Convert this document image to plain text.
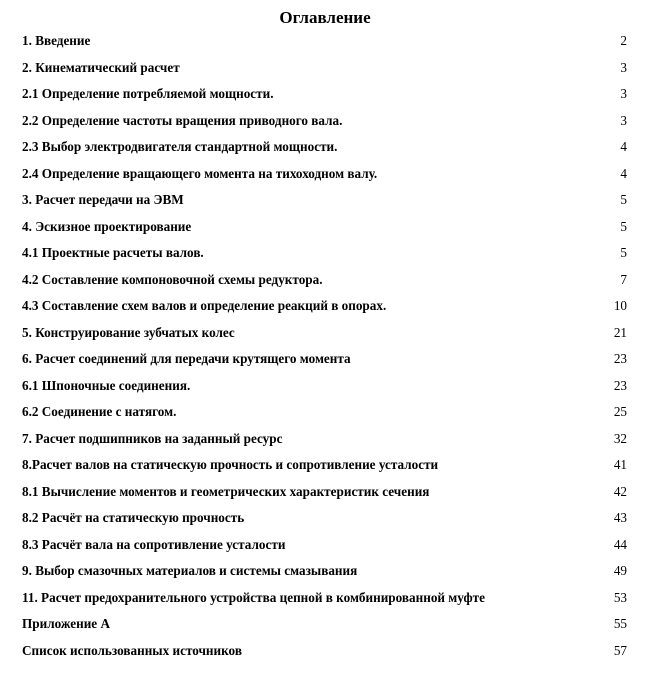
Оглавление
1. Введение	2
2. Кинематический расчет	3
2.1 Определение потребляемой мощности.	3
2.2 Определение частоты вращения приводного вала.	3
2.3 Выбор электродвигателя стандартной мощности.	4
2.4 Определение вращающего момента на тихоходном валу.	4
3. Расчет передачи на ЭВМ	5
4. Эскизное проектирование	5
4.1 Проектные расчеты валов.	5
4.2 Составление компоновочной схемы редуктора.	7
4.3 Составление схем валов и определение реакций в опорах.	10
5. Конструирование зубчатых колес	21
6. Расчет соединений для передачи крутящего момента	23
6.1 Шпоночные соединения.	23
6.2 Соединение с натягом.	25
7. Расчет подшипников на заданный ресурс	32
8.Расчет валов на статическую прочность и сопротивление усталости	41
8.1 Вычисление моментов и геометрических характеристик сечения	42
8.2 Расчёт на статическую прочность	43
8.3 Расчёт вала на сопротивление усталости	44
9. Выбор смазочных материалов и системы смазывания	49
11. Расчет предохранительного устройства цепной в комбинированной муфте	53
Приложение А	55
Список использованных источников	57
